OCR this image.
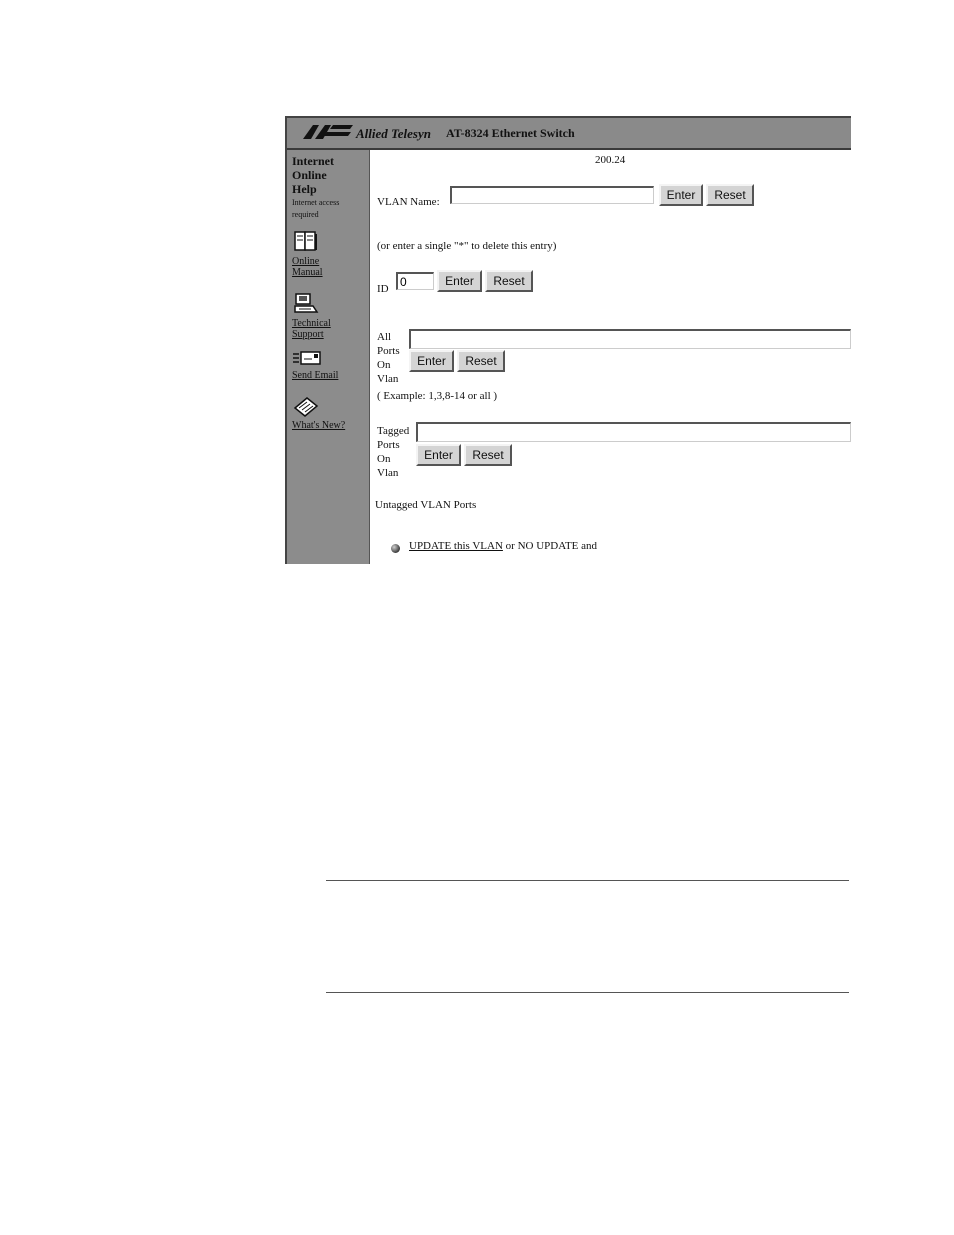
Allied Telesyn AT-8324 Ethernet Switch
Internet
Online
Help
Internet access required
Online
Manual
Technical
Support
Send Email
What's New?
200.24
VLAN Name:	Enter	Reset
(or enter a single "*" to delete this entry)
ID
0
Enter	Reset
All
Ports
On
Vlan
Enter	Reset
( Example: 1,3,8-14 or all )
Tagged
Ports
On
Vlan
Enter	Reset
Untagged VLAN Ports
UPDATE this VLAN or NO UPDATE and
